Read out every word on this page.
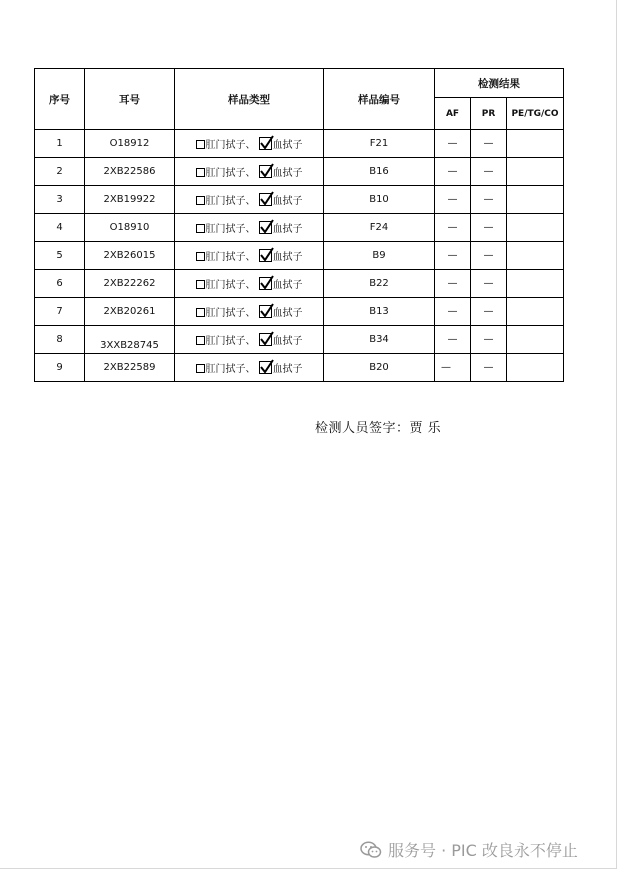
序号	耳号	样品类型	样品编号	检测结果		
				AF	PR	PE/TG/CO
1	O18912	肛门拭子、 血拭子	F21	—	—	
2	2XB22586	肛门拭子、 血拭子	B16	—	—	
3	2XB19922	肛门拭子、 血拭子	B10	—	—	
4	O18910	肛门拭子、 血拭子	F24	—	—	
5	2XB26015	肛门拭子、 血拭子	B9	—	—	
6	2XB22262	肛门拭子、 血拭子	B22	—	—	
7	2XB20261	肛门拭子、 血拭子	B13	—	—	
8	3XXB28745	肛门拭子、 血拭子	B34	—	—	
9	2XB22589	肛门拭子、 血拭子	B20	—	—	
检测人员签字：贾 乐
服务号 · PIC 改良永不停止
